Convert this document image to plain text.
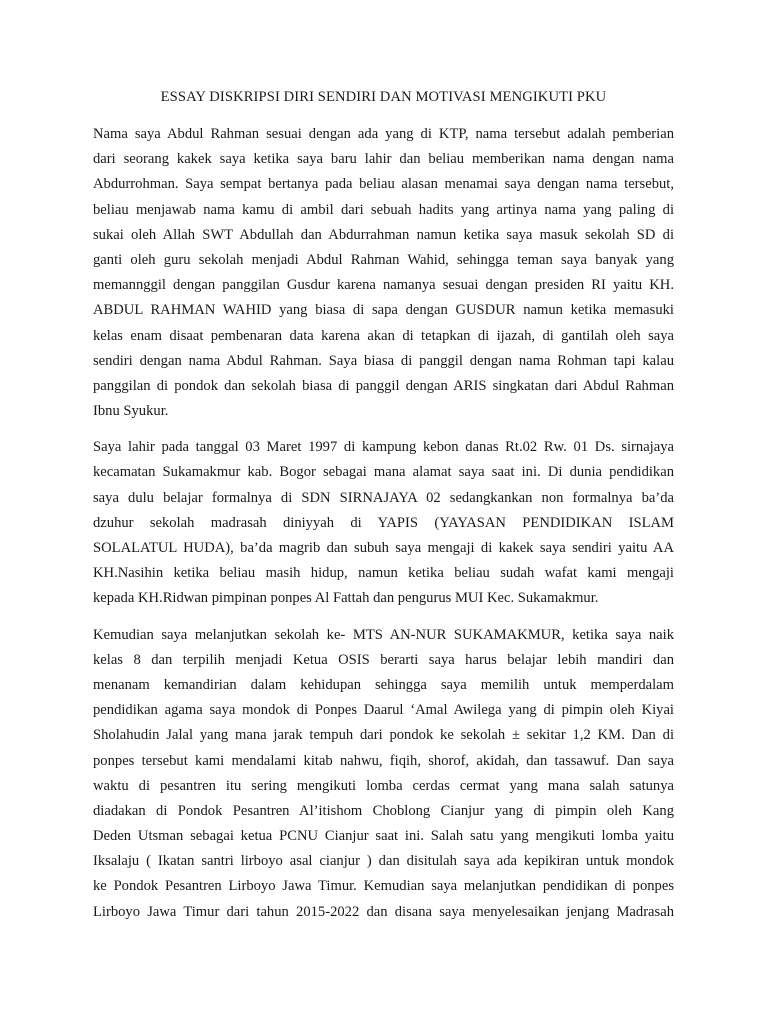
ESSAY DISKRIPSI DIRI SENDIRI DAN MOTIVASI MENGIKUTI PKU
Nama saya Abdul Rahman sesuai dengan ada yang di KTP, nama tersebut adalah pemberian
dari seorang kakek saya ketika saya baru lahir dan beliau memberikan nama dengan nama
Abdurrohman. Saya sempat bertanya pada beliau alasan menamai saya dengan nama tersebut,
beliau menjawab nama kamu di ambil dari sebuah hadits yang artinya nama yang paling di
sukai oleh Allah SWT Abdullah dan Abdurrahman namun ketika saya masuk sekolah SD di
ganti oleh guru sekolah menjadi Abdul Rahman Wahid, sehingga teman saya banyak yang
memannggil dengan panggilan Gusdur karena namanya sesuai dengan presiden RI yaitu KH.
ABDUL RAHMAN WAHID yang biasa di sapa dengan GUSDUR namun ketika memasuki
kelas enam disaat pembenaran data karena akan di tetapkan di ijazah, di gantilah oleh saya
sendiri dengan nama Abdul Rahman. Saya biasa di panggil dengan nama Rohman tapi kalau
panggilan di pondok dan sekolah biasa di panggil dengan ARIS singkatan dari Abdul Rahman
Ibnu Syukur.
Saya lahir pada tanggal 03 Maret 1997 di kampung kebon danas Rt.02 Rw. 01 Ds. sirnajaya
kecamatan Sukamakmur kab. Bogor sebagai mana alamat saya saat ini. Di dunia pendidikan
saya dulu belajar formalnya di SDN SIRNAJAYA 02 sedangkankan non formalnya ba’da
dzuhur sekolah madrasah diniyyah di YAPIS (YAYASAN PENDIDIKAN ISLAM
SOLALATUL HUDA), ba’da magrib dan subuh saya mengaji di kakek saya sendiri yaitu AA
KH.Nasihin ketika beliau masih hidup, namun ketika beliau sudah wafat kami mengaji
kepada KH.Ridwan pimpinan ponpes Al Fattah dan pengurus MUI Kec. Sukamakmur.
Kemudian saya melanjutkan sekolah ke- MTS AN-NUR SUKAMAKMUR, ketika saya naik
kelas 8 dan terpilih menjadi Ketua OSIS berarti saya harus belajar lebih mandiri dan
menanam kemandirian dalam kehidupan sehingga saya memilih untuk memperdalam
pendidikan agama saya mondok di Ponpes Daarul ‘Amal Awilega yang di pimpin oleh Kiyai
Sholahudin Jalal yang mana jarak tempuh dari pondok ke sekolah ± sekitar 1,2 KM. Dan di
ponpes tersebut kami mendalami kitab nahwu, fiqih, shorof, akidah, dan tassawuf. Dan saya
waktu di pesantren itu sering mengikuti lomba cerdas cermat yang mana salah satunya
diadakan di Pondok Pesantren Al’itishom Choblong Cianjur yang di pimpin oleh Kang
Deden Utsman sebagai ketua PCNU Cianjur saat ini. Salah satu yang mengikuti lomba yaitu
Iksalaju ( Ikatan santri lirboyo asal cianjur ) dan disitulah saya ada kepikiran untuk mondok
ke Pondok Pesantren Lirboyo Jawa Timur. Kemudian saya melanjutkan pendidikan di ponpes
Lirboyo Jawa Timur dari tahun 2015-2022 dan disana saya menyelesaikan jenjang Madrasah
